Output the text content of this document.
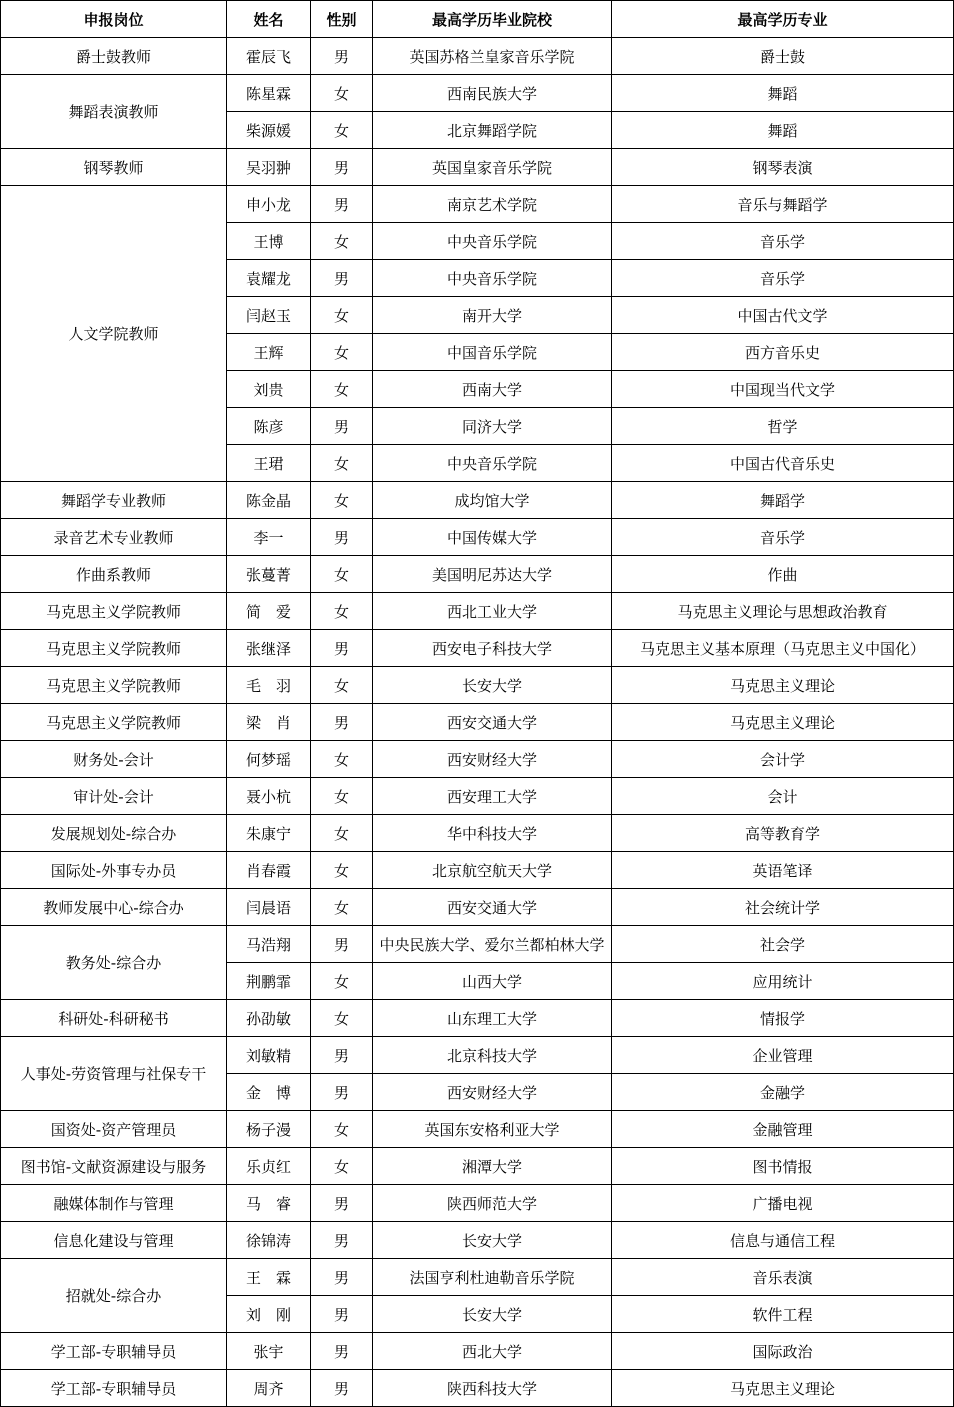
申报岗位	姓名	性别	最高学历毕业院校	最高学历专业
爵士鼓教师	霍辰飞	男	英国苏格兰皇家音乐学院	爵士鼓
舞蹈表演教师	陈星霖	女	西南民族大学	舞蹈
	柴源媛	女	北京舞蹈学院	舞蹈
钢琴教师	吴羽翀	男	英国皇家音乐学院	钢琴表演
人文学院教师	申小龙	男	南京艺术学院	音乐与舞蹈学
	王博	女	中央音乐学院	音乐学
	袁耀龙	男	中央音乐学院	音乐学
	闫赵玉	女	南开大学	中国古代文学
	王辉	女	中国音乐学院	西方音乐史
	刘贵	女	西南大学	中国现当代文学
	陈彦	男	同济大学	哲学
	王珺	女	中央音乐学院	中国古代音乐史
舞蹈学专业教师	陈金晶	女	成均馆大学	舞蹈学
录音艺术专业教师	李一	男	中国传媒大学	音乐学
作曲系教师	张蔓菁	女	美国明尼苏达大学	作曲
马克思主义学院教师	简　爱	女	西北工业大学	马克思主义理论与思想政治教育
马克思主义学院教师	张继泽	男	西安电子科技大学	马克思主义基本原理（马克思主义中国化）
马克思主义学院教师	毛　羽	女	长安大学	马克思主义理论
马克思主义学院教师	梁　肖	男	西安交通大学	马克思主义理论
财务处-会计	何梦瑶	女	西安财经大学	会计学
审计处-会计	聂小杭	女	西安理工大学	会计
发展规划处-综合办	朱康宁	女	华中科技大学	高等教育学
国际处-外事专办员	肖春霞	女	北京航空航天大学	英语笔译
教师发展中心-综合办	闫晨语	女	西安交通大学	社会统计学
教务处-综合办	马浩翔	男	中央民族大学、爱尔兰都柏林大学	社会学
	荆鹏霏	女	山西大学	应用统计
科研处-科研秘书	孙劭敏	女	山东理工大学	情报学
人事处-劳资管理与社保专干	刘敏精	男	北京科技大学	企业管理
	金　博	男	西安财经大学	金融学
国资处-资产管理员	杨子漫	女	英国东安格利亚大学	金融管理
图书馆-文献资源建设与服务	乐贞红	女	湘潭大学	图书情报
融媒体制作与管理	马　睿	男	陕西师范大学	广播电视
信息化建设与管理	徐锦涛	男	长安大学	信息与通信工程
招就处-综合办	王　霖	男	法国亨利杜迪勒音乐学院	音乐表演
	刘　刚	男	长安大学	软件工程
学工部-专职辅导员	张宇	男	西北大学	国际政治
学工部-专职辅导员	周齐	男	陕西科技大学	马克思主义理论
